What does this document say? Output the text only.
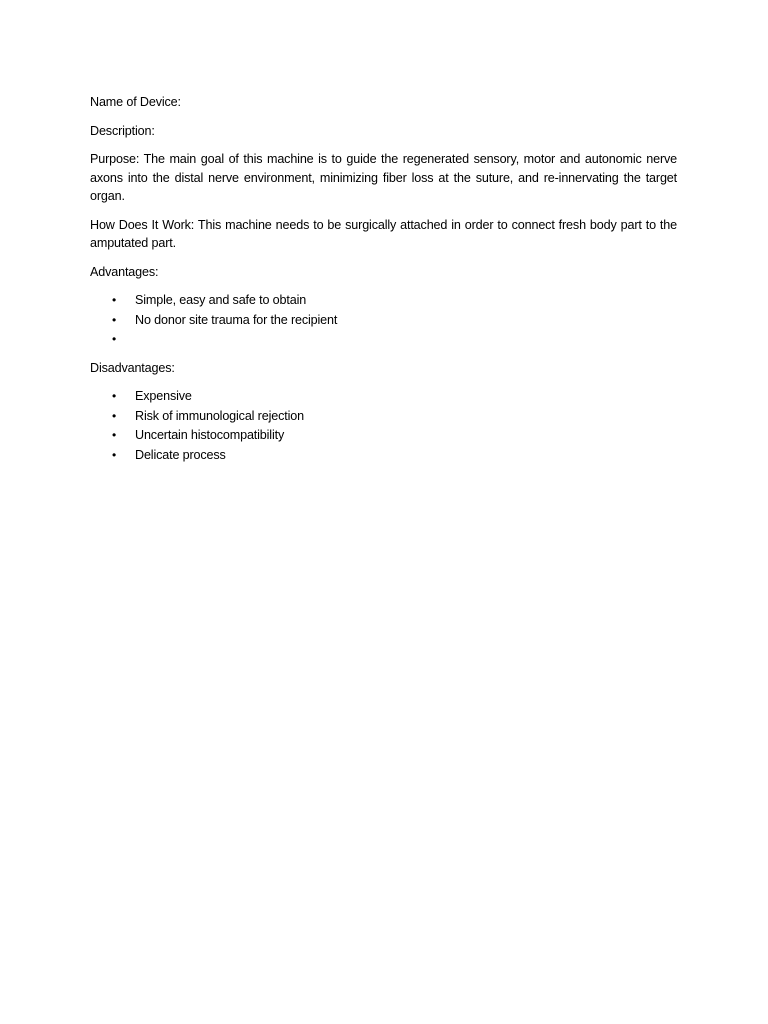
Name of Device:

Description:

Purpose: The main goal of this machine is to guide the regenerated sensory, motor and autonomic nerve axons into the distal nerve environment, minimizing fiber loss at the suture, and re-innervating the target organ.

How Does It Work: This machine needs to be surgically attached in order to connect fresh body part to the amputated part.

Advantages:

• Simple, easy and safe to obtain
• No donor site trauma for the recipient
•

Disadvantages:

• Expensive
• Risk of immunological rejection
• Uncertain histocompatibility
• Delicate process
